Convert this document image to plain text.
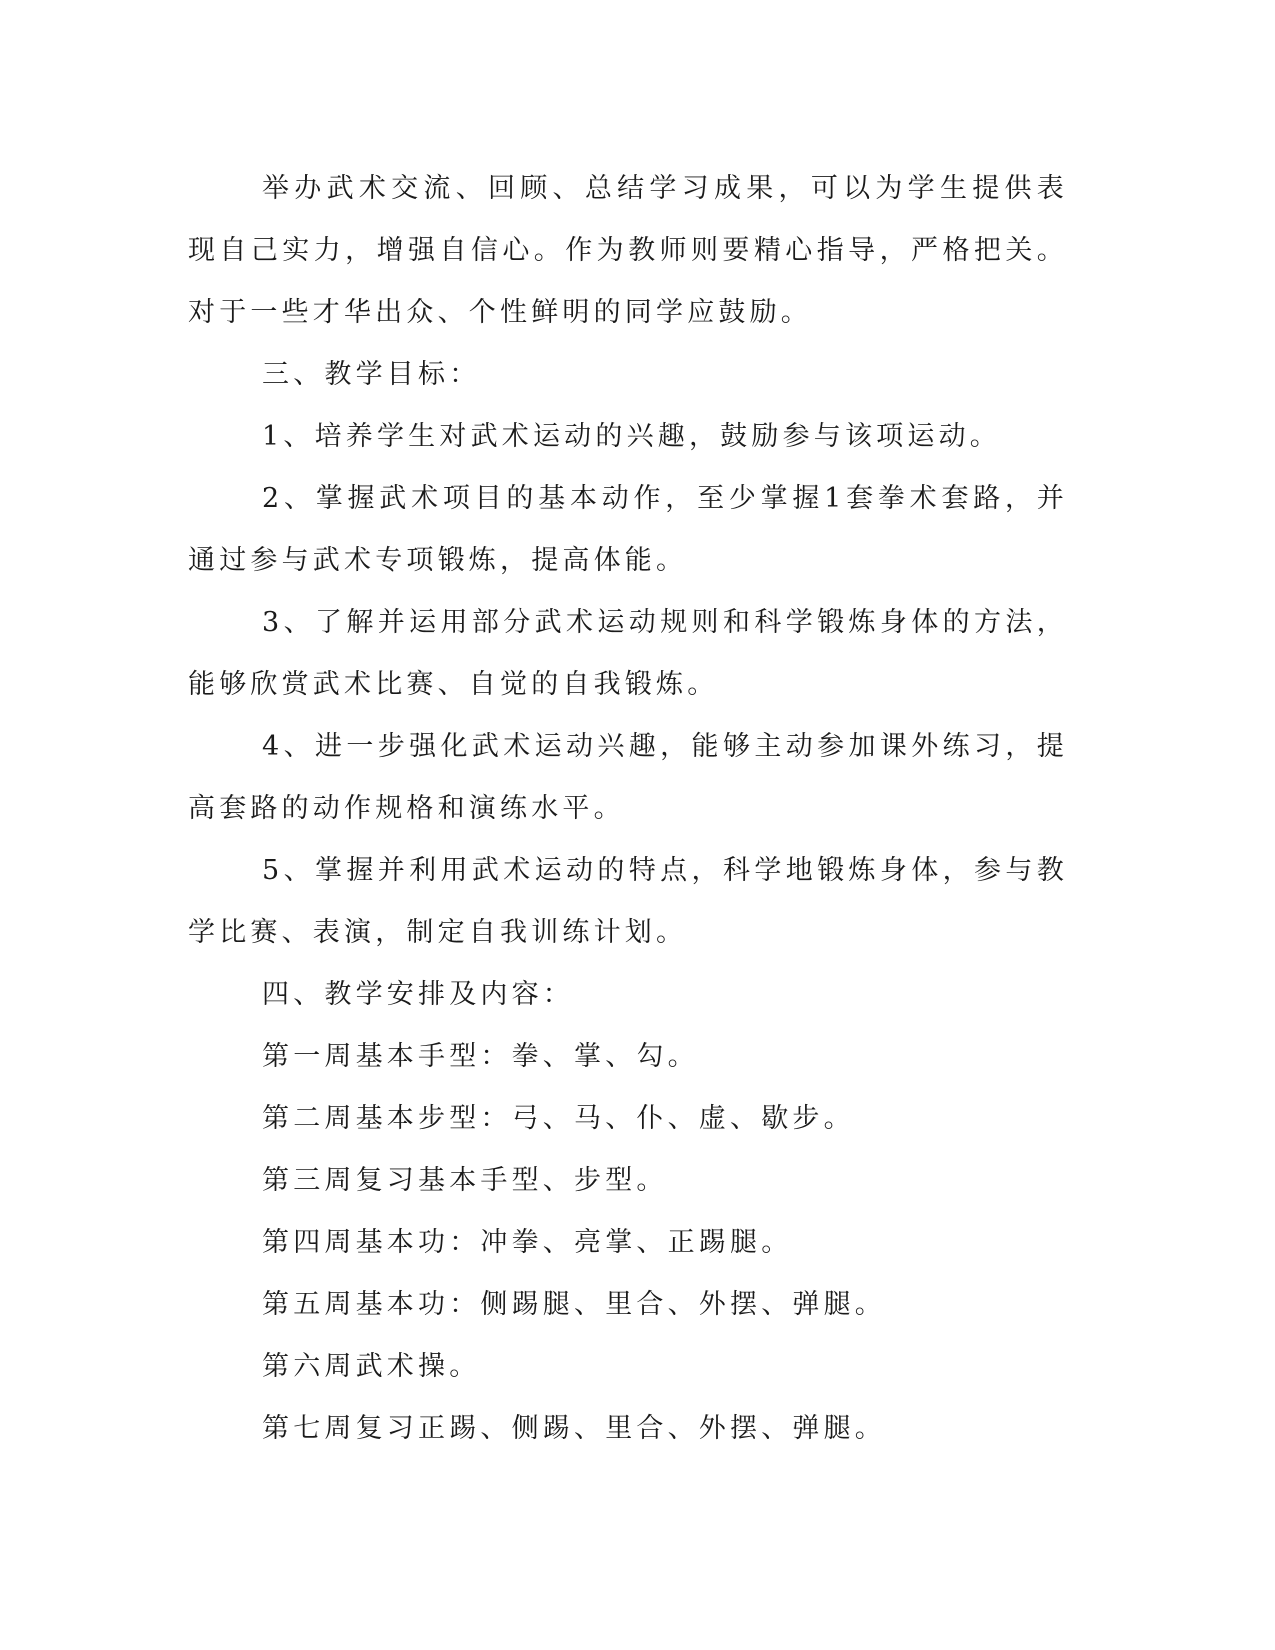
举办武术交流、回顾、总结学习成果，可以为学生提供表现自己实力，增强自信心。作为教师则要精心指导，严格把关。对于一些才华出众、个性鲜明的同学应鼓励。

三、教学目标：

1、培养学生对武术运动的兴趣，鼓励参与该项运动。

2、掌握武术项目的基本动作，至少掌握1套拳术套路，并通过参与武术专项锻炼，提高体能。

3、了解并运用部分武术运动规则和科学锻炼身体的方法，能够欣赏武术比赛、自觉的自我锻炼。

4、进一步强化武术运动兴趣，能够主动参加课外练习，提高套路的动作规格和演练水平。

5、掌握并利用武术运动的特点，科学地锻炼身体，参与教学比赛、表演，制定自我训练计划。

四、教学安排及内容：

第一周基本手型：拳、掌、勾。

第二周基本步型：弓、马、仆、虚、歇步。

第三周复习基本手型、步型。

第四周基本功：冲拳、亮掌、正踢腿。

第五周基本功：侧踢腿、里合、外摆、弹腿。

第六周武术操。

第七周复习正踢、侧踢、里合、外摆、弹腿。
